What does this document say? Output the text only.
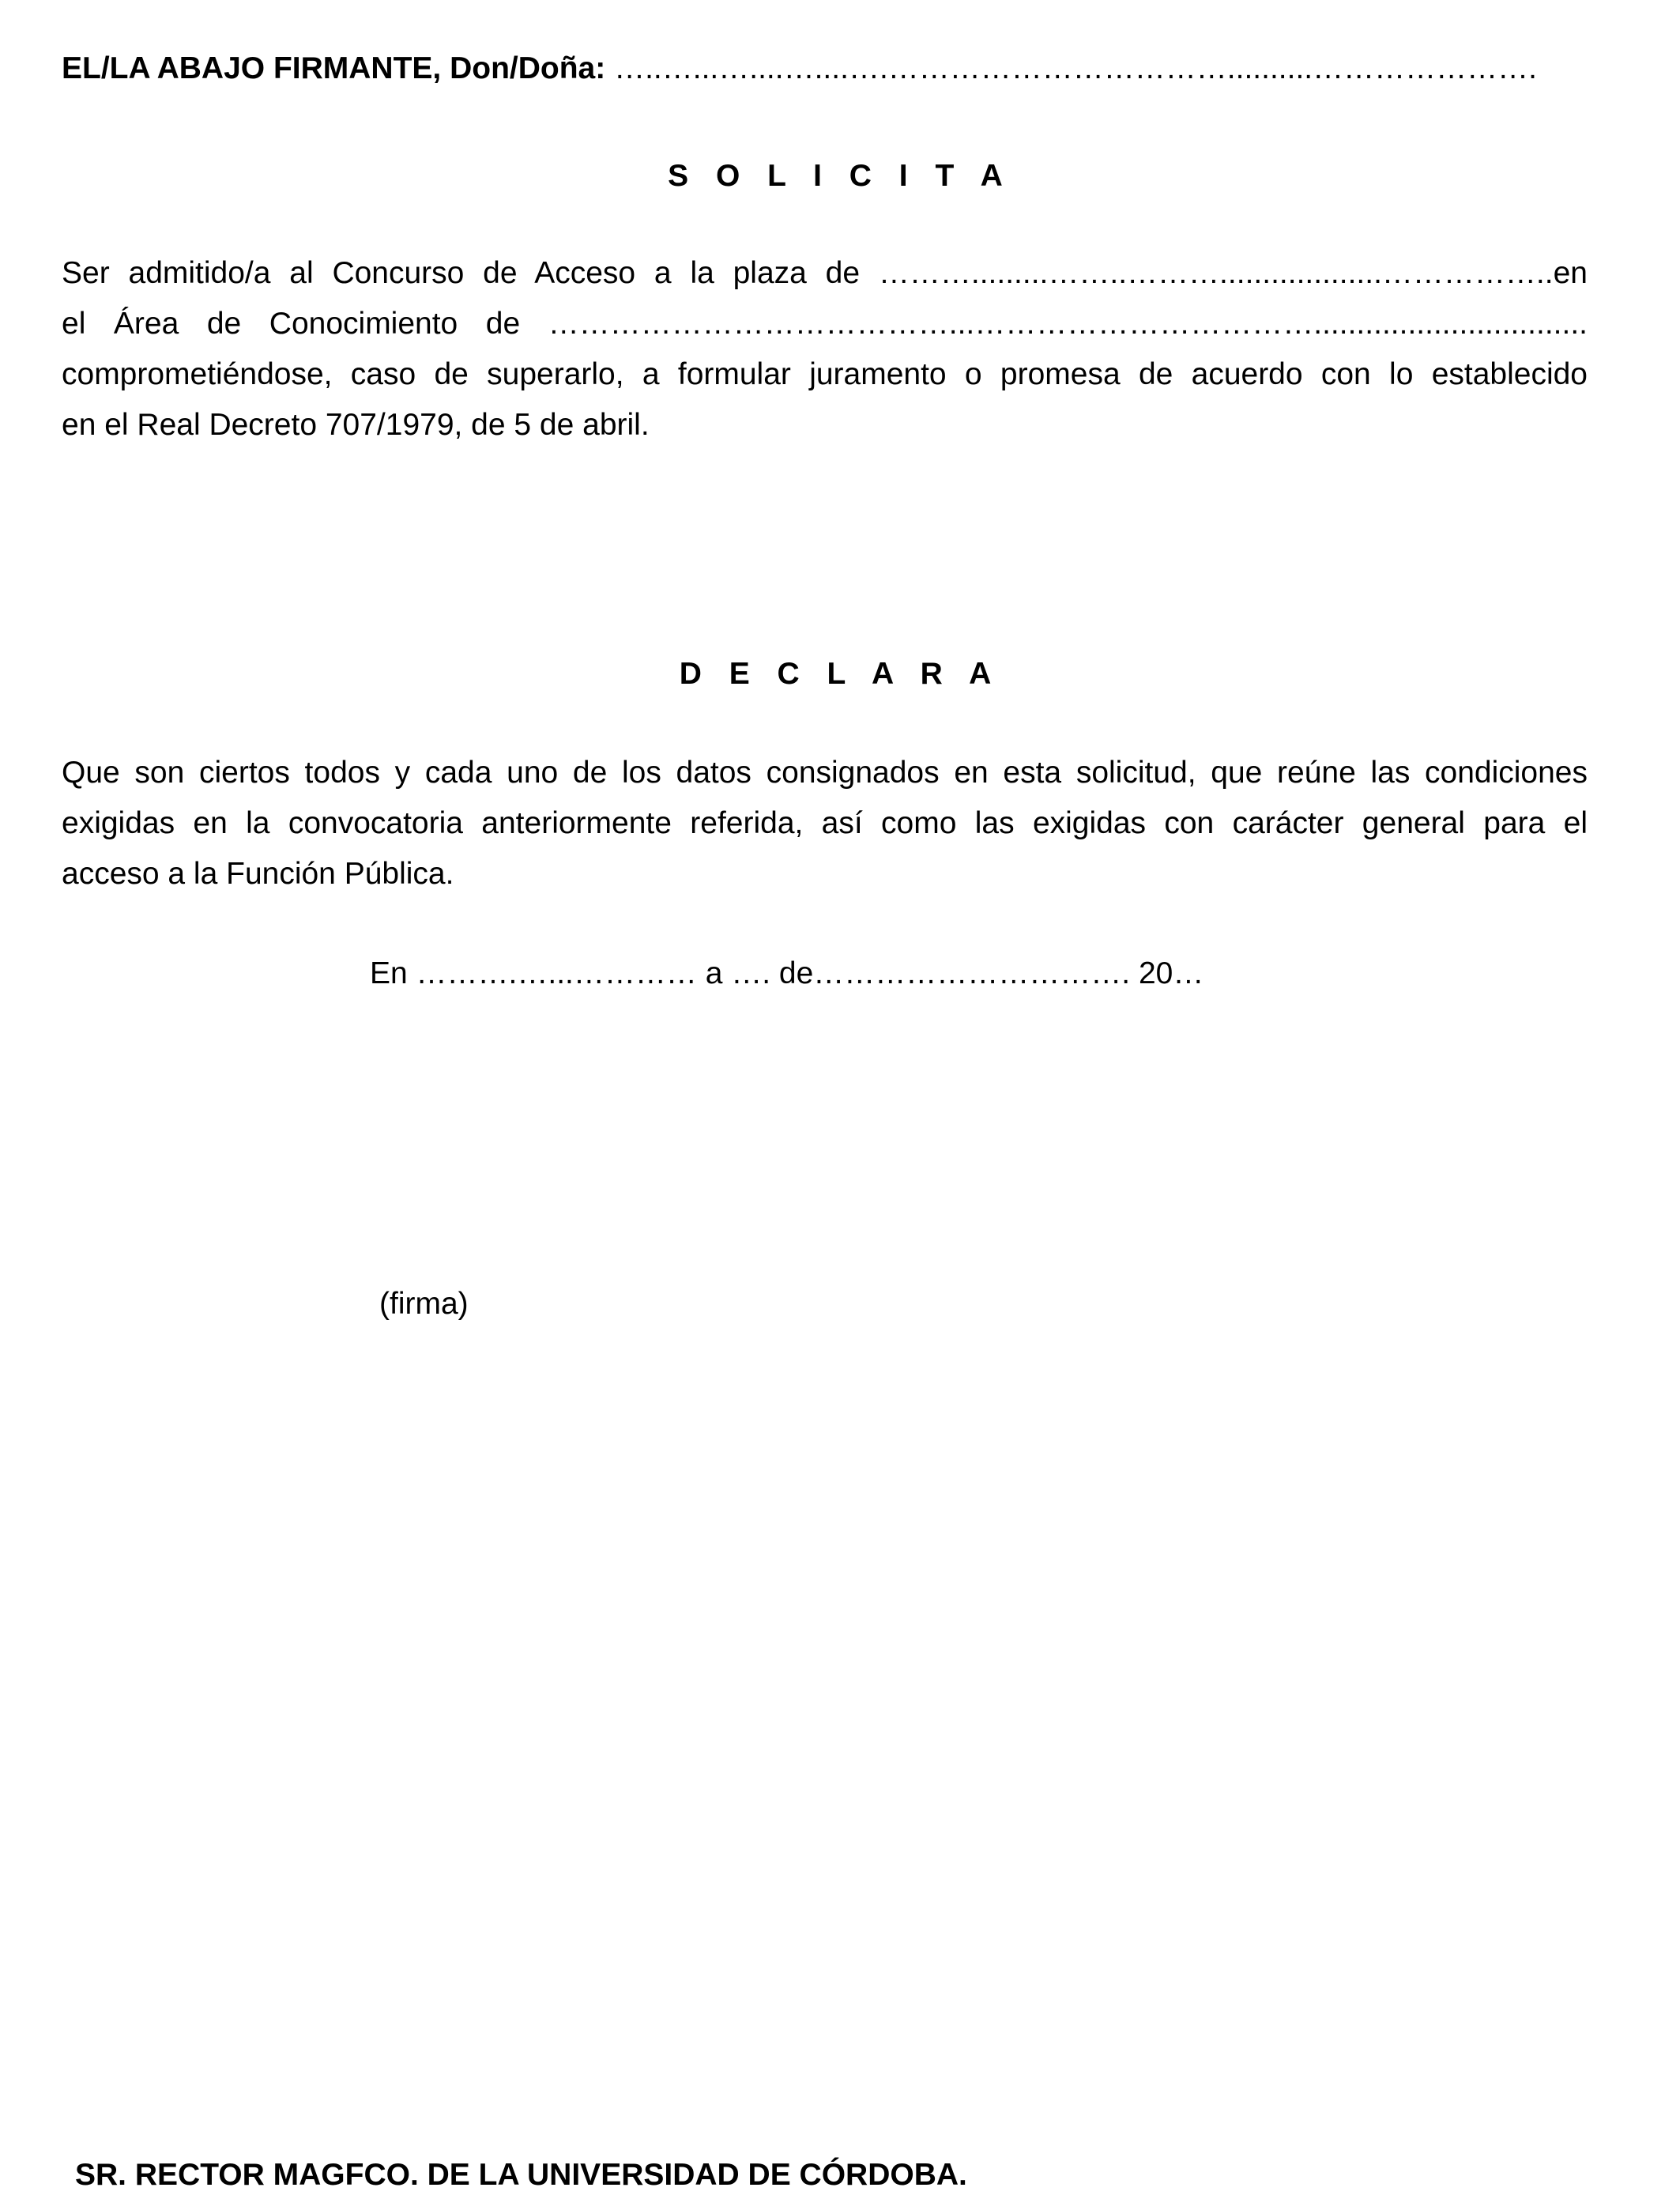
EL/LA ABAJO FIRMANTE, Don/Doña: …..…...…....…....….……………………………..........………………….
S O L I C I T A
Ser admitido/a al Concurso de Acceso a la plaza de ……….........……..………...................……………..en
el Área de Conocimiento de …………………………………...……………………………................................
comprometiéndose, caso de superarlo, a formular juramento o promesa de acuerdo con lo establecido
en el Real Decreto 707/1979, de 5 de abril.
D E C L A R A
Que son ciertos todos y cada uno de los datos consignados en esta solicitud, que reúne las condiciones
exigidas en la convocatoria anteriormente referida, así como las exigidas con carácter general para el
acceso a la Función Pública.
En ……….…...………… a …. de…………………………. 20…
(firma)
SR. RECTOR MAGFCO. DE LA UNIVERSIDAD DE CÓRDOBA.
